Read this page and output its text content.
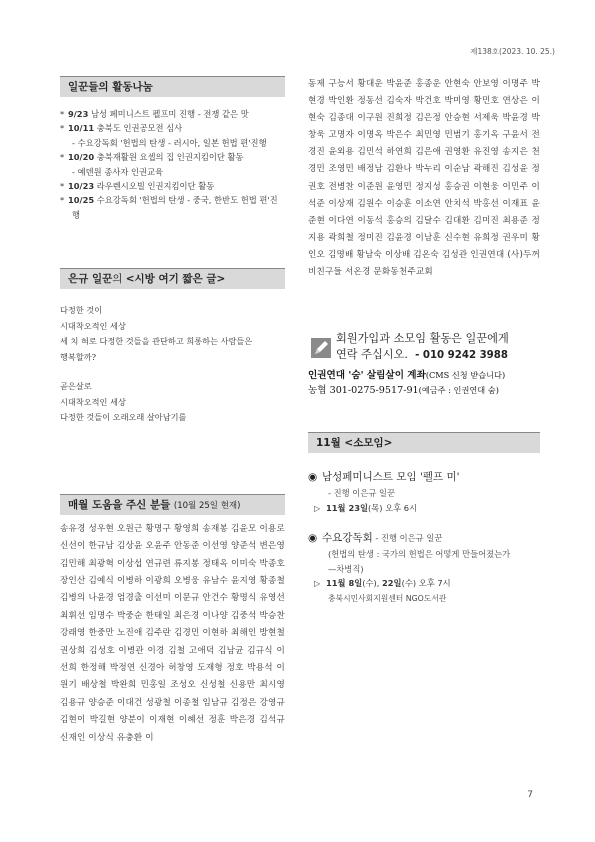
제138호(2023. 10. 25.)
일꾼들의 활동나눔
* 9/23 남성 페미니스트 펠프미 진행 - 전쟁 같은 맛
* 10/11 충북도 인권공모전 심사
- 수요강독회 '헌법의 탄생 - 러시아, 일본 헌법 편'진행
* 10/20 충북재활원 요셉의 집 인권지킴이단 활동
- 예덴원 종사자 인권교육
* 10/23 라우렌시오빌 인권지킴이단 활동
* 10/25 수요강독회 '헌법의 탄생 - 중국, 한반도 헌법 편'진
행
은규 일꾼의 <시방 여기 짧은 글>
다정한 것이
시대착오적인 세상
세 치 혀로 다정한 것들을 관단하고 희롱하는 사람들은
행복할까?
곧은살로
시대착오적인 세상
다정한 것들이 오래오래 살아남기를
매월 도움을 주신 분들 (10월 25일 현재)
송유경 성우현 오원근 황명구 황영희 송재봉 김윤모 이용로 신선이 한규남 김상윤 오윤주 안동준 이선영 양준석 변은영 김민해 최광혁 이상섭 연규련 류지봉 정태옥 이미숙 박종호 장인산 김예식 이병하 이광희 오병웅 유남수 윤지영 황종철 김병의 나윤경 엄경출 이선미 이문규 안건수 황명식 유영선 최휘선 임명수 박중순 한태일 최은경 이나양 김중석 박승찬 강래영 한중만 노진애 김주란 김경민 이현하 최해인 방현철 권상희 김성호 이병관 이경 김철 고애덕 김남균 김규식 이선희 한정해 박정연 신경아 허창영 도재형 정호 박용석 이원기 배상철 박완희 민홍일 조성오 신성철 신용만 최시영 김용규 양승준 이대건 성광철 이종철 임남규 김정은 강영규 김현이 박길현 양분이 이재현 이혜선 정훈 박은경 김석규 신재인 이상식 유충환 이
동제 구능서 황대운 박윤준 홍종운 안현숙 안보영 이명주 박현경 박인환 정동선 김숙자 박건호 박미영 황민호 연상은 이현숙 김종대 이구원 진희정 김은정 안승현 서제욱 박윤경 박창욱 고명자 이명옥 박은수 최민영 민범기 홍기옥 구윤서 전경진 윤외용 김민석 하연희 김은애 권영환 유진영 송지은 천경민 조영민 배정남 김환나 박누리 이순남 곽해진 김성윤 정권호 전병찬 이준원 윤영민 정지성 홍승권 이현웅 이민주 이석준 이상재 김원수 이승훈 이소연 안치석 박홍선 이재표 윤준현 이다연 이동석 홍승의 김달수 김대환 김미진 최용준 정지용 곽희철 정미진 김윤경 이남훈 신수현 유희정 권우미 황인오 김명배 황남숙 이상배 김온숙 김성관 인권연대 (사)두꺼비친구들 서온경 문화동천주교회
회원가입과 소모임 활동은 일꾼에게
연락 주십시오. - 010 9242 3988
인권연대 '숨' 살림살이 계좌(CMS 신청 받습니다)
농협 301-0275-9517-91(예금주 : 인권연대 숨)
11월 <소모임>
◉ 남성페미니스트 모임 '펠프 미'
- 진행 이은규 일꾼
▷ 11월 23일(목) 오후 6시
◉ 수요강독회 - 진행 이은규 일꾼
(헌법의 탄생 : 국가의 헌법은 어떻게 만들어졌는가
—차병직)
▷ 11월 8일(수), 22일(수) 오후 7시
충북시민사회지원센터 NGO도서관
7
